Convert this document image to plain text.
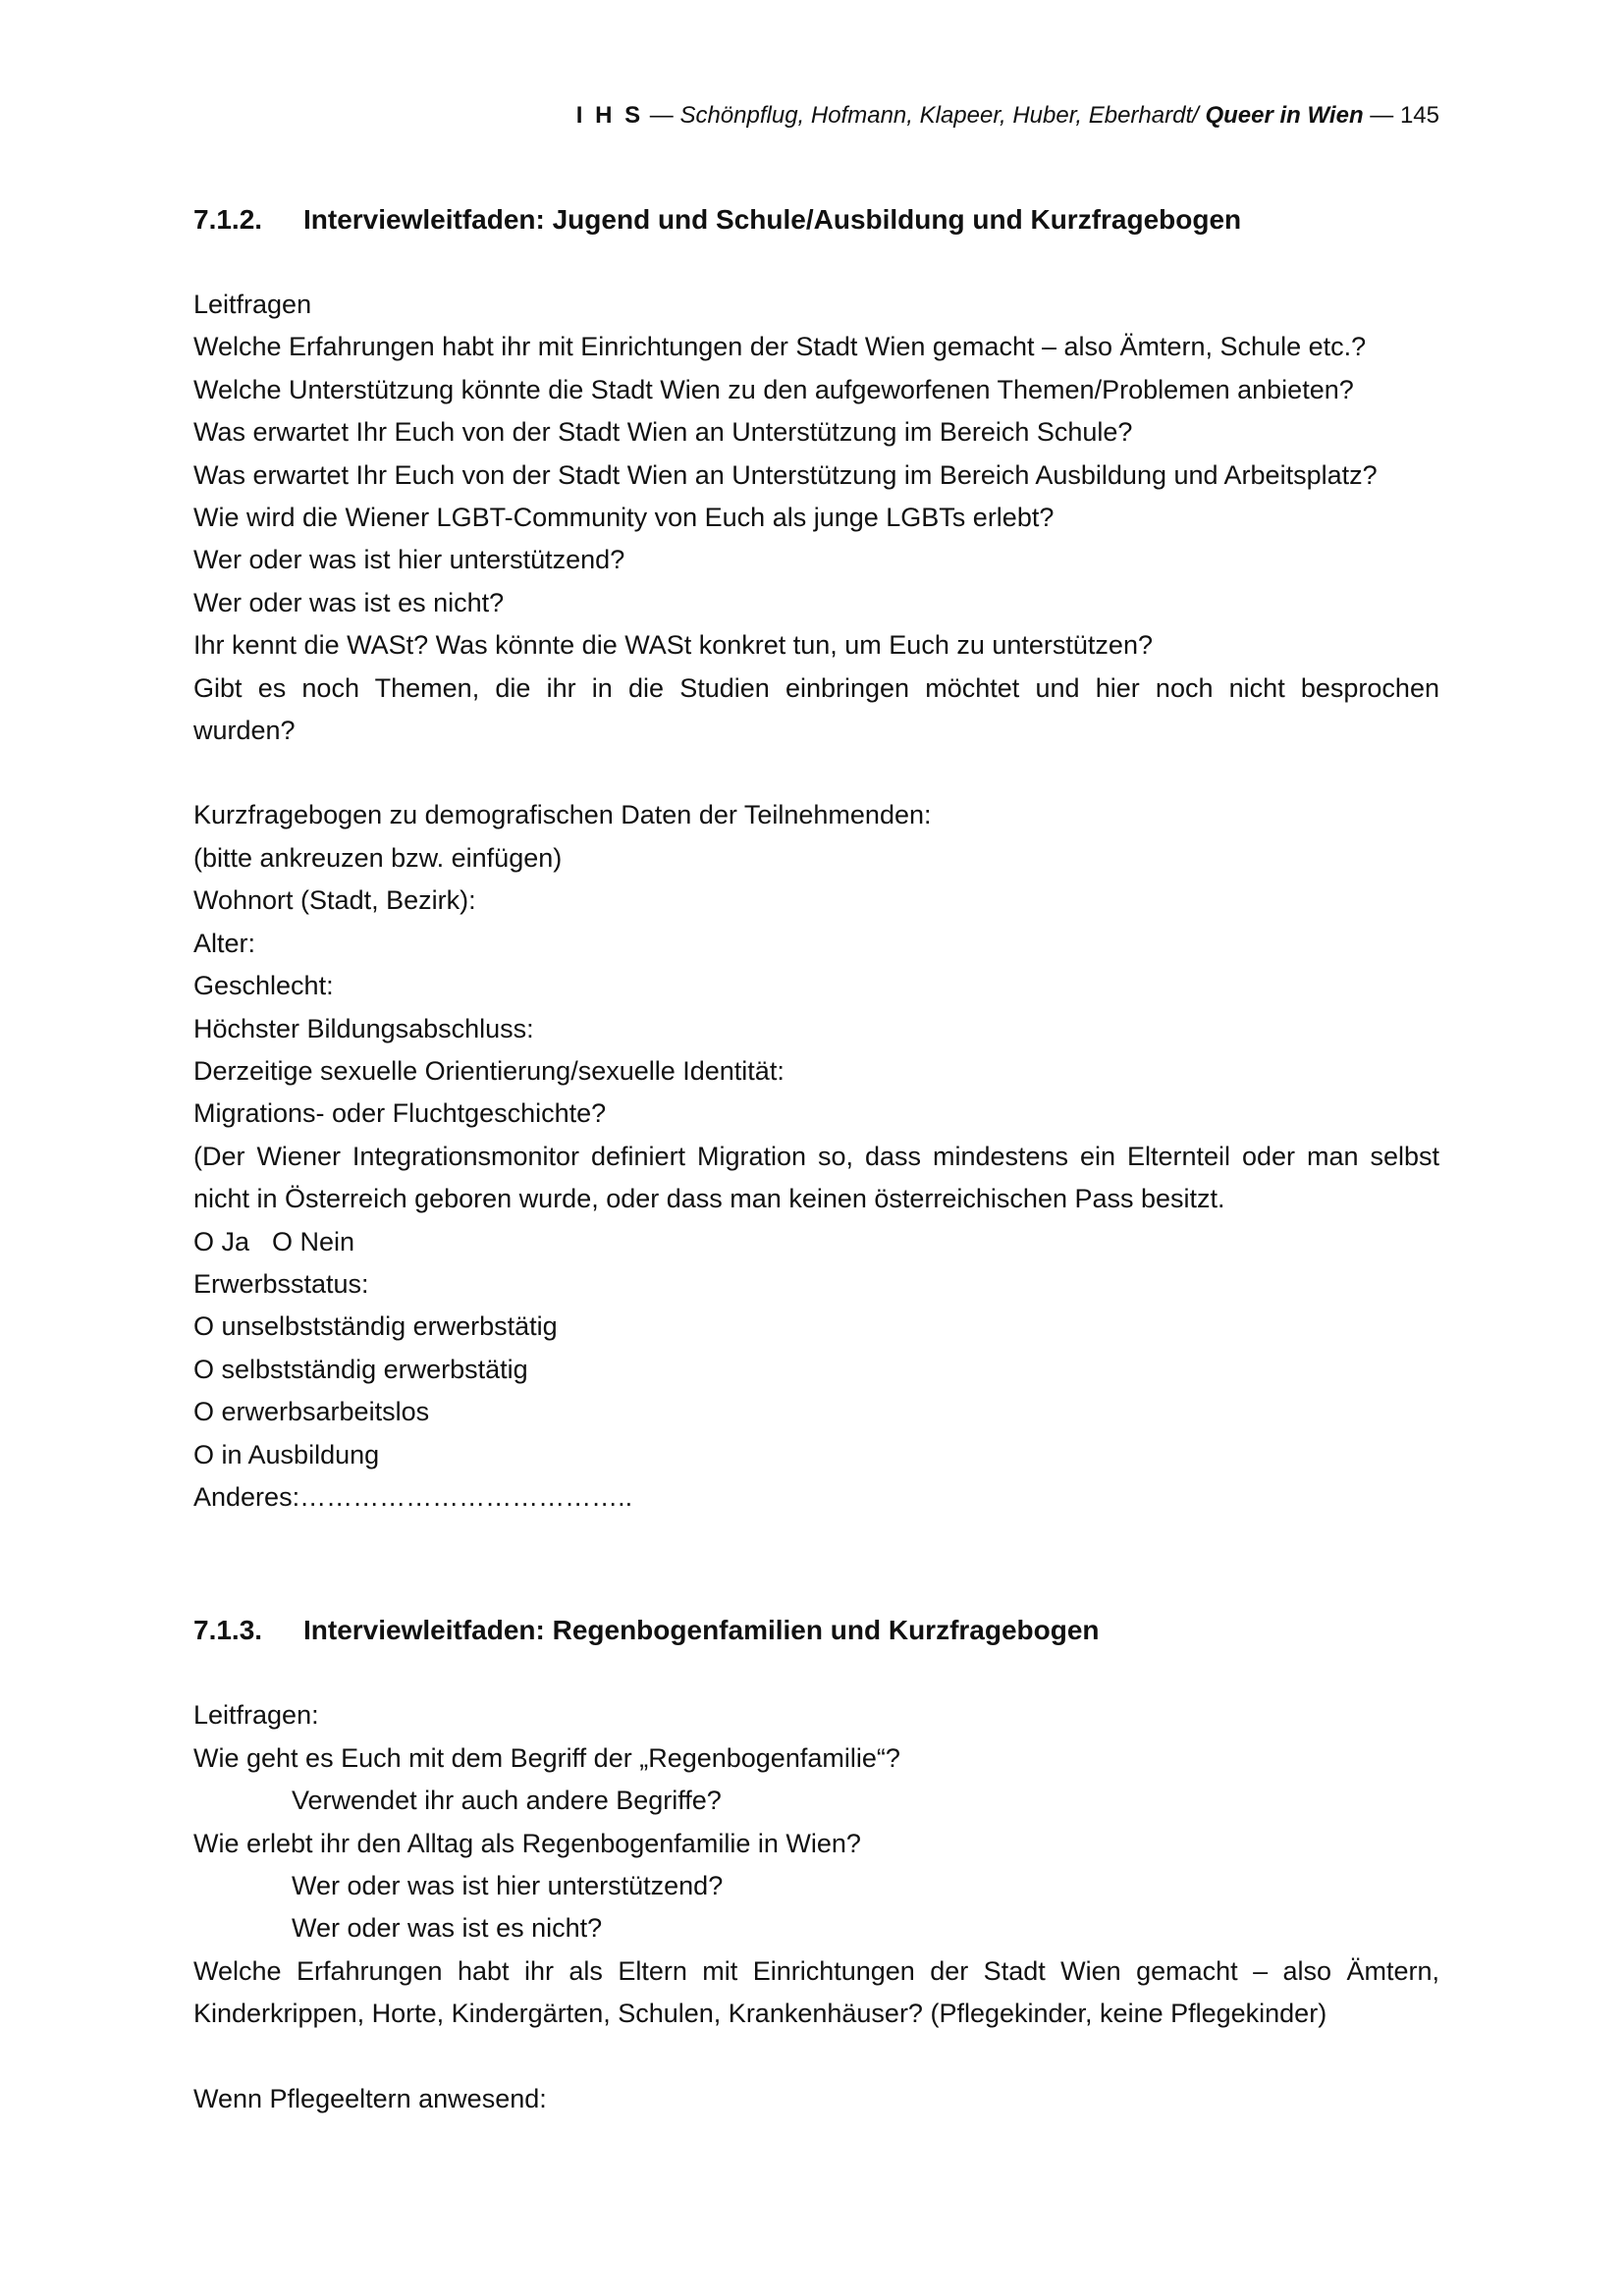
I H S — Schönpflug, Hofmann, Klapeer, Huber, Eberhardt/ Queer in Wien — 145
7.1.2. Interviewleitfaden: Jugend und Schule/Ausbildung und Kurzfragebogen

Leitfragen

Welche Erfahrungen habt ihr mit Einrichtungen der Stadt Wien gemacht – also Ämtern, Schule etc.?

Welche Unterstützung könnte die Stadt Wien zu den aufgeworfenen Themen/Problemen anbieten?

Was erwartet Ihr Euch von der Stadt Wien an Unterstützung im Bereich Schule?

Was erwartet Ihr Euch von der Stadt Wien an Unterstützung im Bereich Ausbildung und Arbeitsplatz?

Wie wird die Wiener LGBT-Community von Euch als junge LGBTs erlebt?

Wer oder was ist hier unterstützend?

Wer oder was ist es nicht?

Ihr kennt die WASt? Was könnte die WASt konkret tun, um Euch zu unterstützen?

Gibt es noch Themen, die ihr in die Studien einbringen möchtet und hier noch nicht besprochen

wurden?

Kurzfragebogen zu demografischen Daten der Teilnehmenden:

(bitte ankreuzen bzw. einfügen)

Wohnort (Stadt, Bezirk):

Alter:

Geschlecht:

Höchster Bildungsabschluss:

Derzeitige sexuelle Orientierung/sexuelle Identität:

Migrations- oder Fluchtgeschichte?

(Der Wiener Integrationsmonitor definiert Migration so, dass mindestens ein Elternteil oder man selbst

nicht in Österreich geboren wurde, oder dass man keinen österreichischen Pass besitzt.

O Ja O Nein

Erwerbsstatus:

O unselbstständig erwerbstätig

O selbstständig erwerbstätig

O erwerbsarbeitslos

O in Ausbildung

Anderes:………………………………..

7.1.3. Interviewleitfaden: Regenbogenfamilien und Kurzfragebogen

Leitfragen:

Wie geht es Euch mit dem Begriff der „Regenbogenfamilie“?

Verwendet ihr auch andere Begriffe?

Wie erlebt ihr den Alltag als Regenbogenfamilie in Wien?

Wer oder was ist hier unterstützend?

Wer oder was ist es nicht?

Welche Erfahrungen habt ihr als Eltern mit Einrichtungen der Stadt Wien gemacht – also Ämtern,

Kinderkrippen, Horte, Kindergärten, Schulen, Krankenhäuser? (Pflegekinder, keine Pflegekinder)

Wenn Pflegeeltern anwesend:
